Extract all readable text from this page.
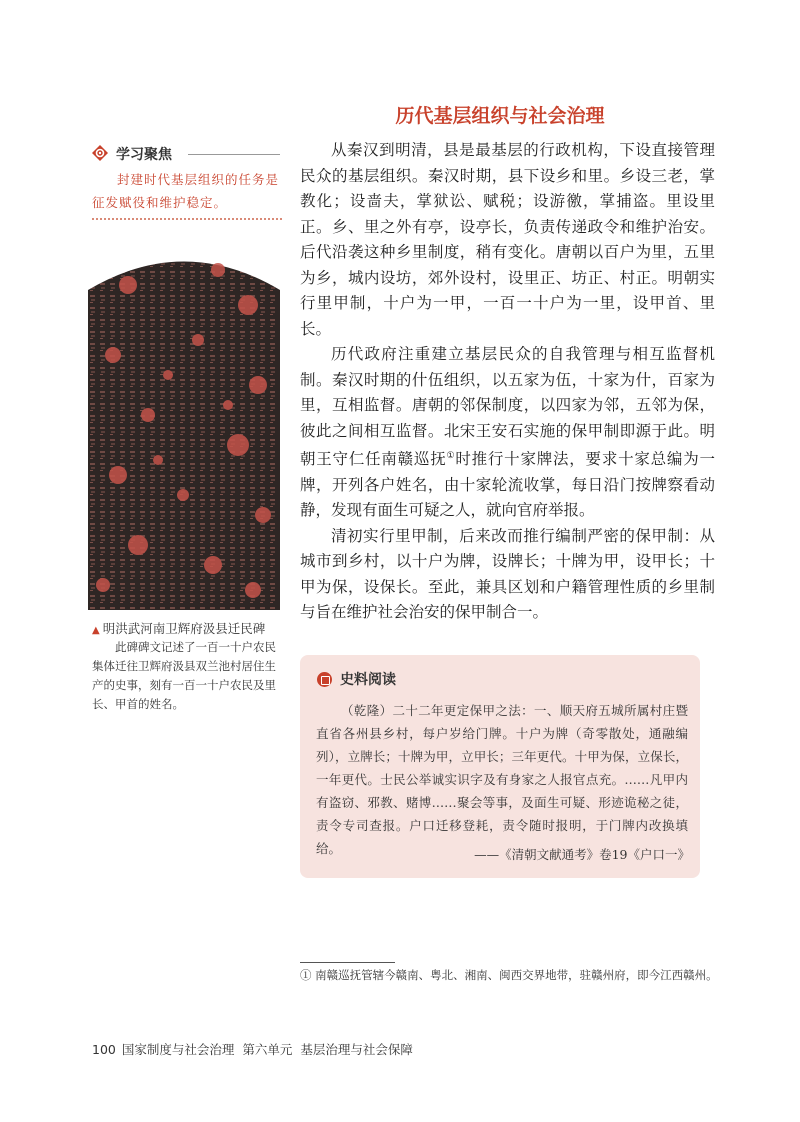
历代基层组织与社会治理
学习聚焦
封建时代基层组织的任务是征发赋役和维护稳定。
▲ 明洪武河南卫辉府汲县迁民碑
此碑碑文记述了一百一十户农民集体迁往卫辉府汲县双兰池村居住生产的史事，刻有一百一十户农民及里长、甲首的姓名。

从秦汉到明清，县是最基层的行政机构，下设直接管理民众的基层组织。秦汉时期，县下设乡和里。乡设三老，掌教化；设啬夫，掌狱讼、赋税；设游徼，掌捕盗。里设里正。乡、里之外有亭，设亭长，负责传递政令和维护治安。后代沿袭这种乡里制度，稍有变化。唐朝以百户为里，五里为乡，城内设坊，郊外设村，设里正、坊正、村正。明朝实行里甲制，十户为一甲，一百一十户为一里，设甲首、里长。

历代政府注重建立基层民众的自我管理与相互监督机制。秦汉时期的什伍组织，以五家为伍，十家为什，百家为里，互相监督。唐朝的邻保制度，以四家为邻，五邻为保，彼此之间相互监督。北宋王安石实施的保甲制即源于此。明朝王守仁任南赣巡抚①时推行十家牌法，要求十家总编为一牌，开列各户姓名，由十家轮流收掌，每日沿门按牌察看动静，发现有面生可疑之人，就向官府举报。

清初实行里甲制，后来改而推行编制严密的保甲制：从城市到乡村，以十户为牌，设牌长；十牌为甲，设甲长；十甲为保，设保长。至此，兼具区划和户籍管理性质的乡里制与旨在维护社会治安的保甲制合一。

史料阅读

（乾隆）二十二年更定保甲之法：一、顺天府五城所属村庄暨直省各州县乡村，每户岁给门牌。十户为牌（奇零散处，通融编列），立牌长；十牌为甲，立甲长；三年更代。十甲为保，立保长，一年更代。士民公举诚实识字及有身家之人报官点充。……凡甲内有盗窃、邪教、赌博……聚会等事，及面生可疑、形迹诡秘之徒，责令专司查报。户口迁移登耗，责令随时报明，于门牌内改换填给。	——《清朝文献通考》卷19《户口一》
① 南赣巡抚管辖今赣南、粤北、湘南、闽西交界地带，驻赣州府，即今江西赣州。
100 国家制度与社会治理 第六单元 基层治理与社会保障
